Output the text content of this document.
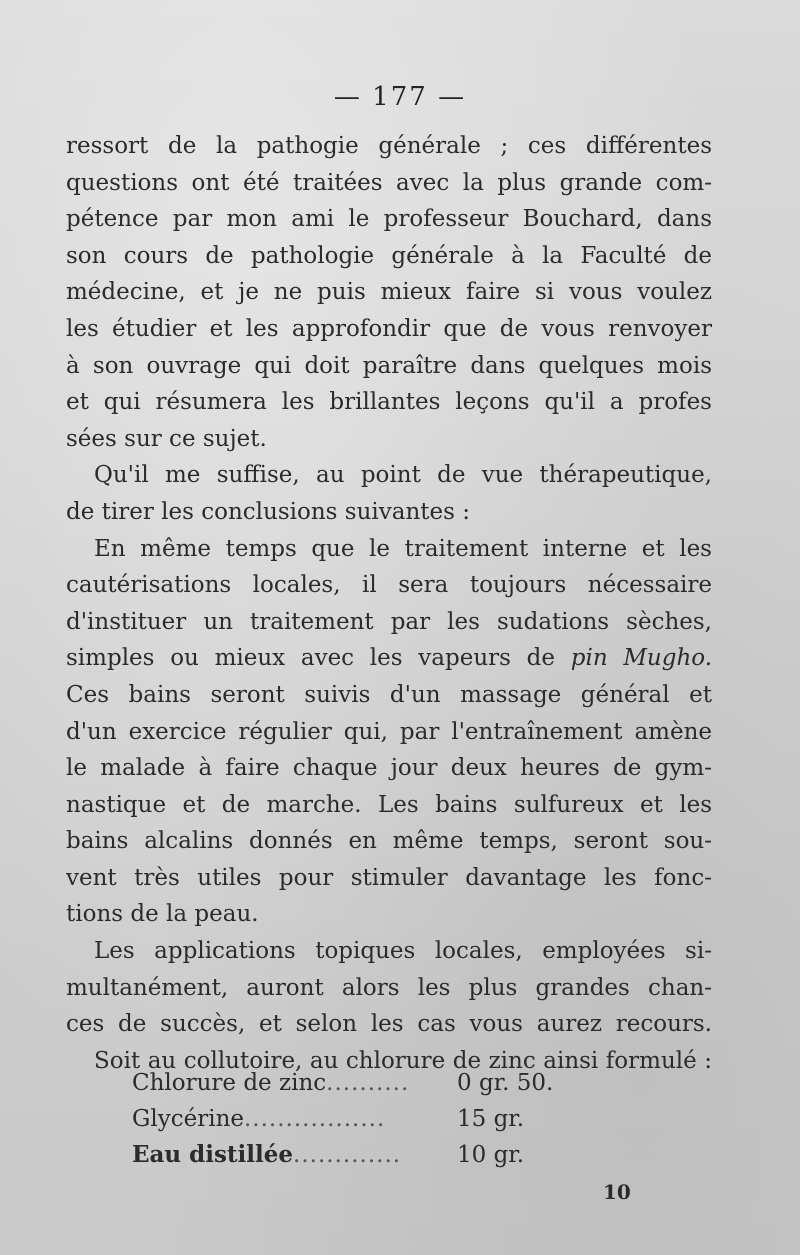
— 177 —
ressort de la pathogie générale ; ces différentes
questions ont été traitées avec la plus grande com-
pétence par mon ami le professeur Bouchard, dans
son cours de pathologie générale à la Faculté de
médecine, et je ne puis mieux faire si vous voulez
les étudier et les approfondir que de vous renvoyer
à son ouvrage qui doit paraître dans quelques mois
et qui résumera les brillantes leçons qu'il a profes
sées sur ce sujet.
Qu'il me suffise, au point de vue thérapeutique,
de tirer les conclusions suivantes :
En même temps que le traitement interne et les
cautérisations locales, il sera toujours nécessaire
d'instituer un traitement par les sudations sèches,
simples ou mieux avec les vapeurs de pin Mugho.
Ces bains seront suivis d'un massage général et
d'un exercice régulier qui, par l'entraînement amène
le malade à faire chaque jour deux heures de gym-
nastique et de marche. Les bains sulfureux et les
bains alcalins donnés en même temps, seront sou-
vent très utiles pour stimuler davantage les fonc-
tions de la peau.
Les applications topiques locales, employées si-
multanément, auront alors les plus grandes chan-
ces de succès, et selon les cas vous aurez recours.
Soit au collutoire, au chlorure de zinc ainsi formulé :
Chlorure de zinc..........	0 gr. 50.
Glycérine.................	15 gr.
Eau distillée.............	10 gr.
10
